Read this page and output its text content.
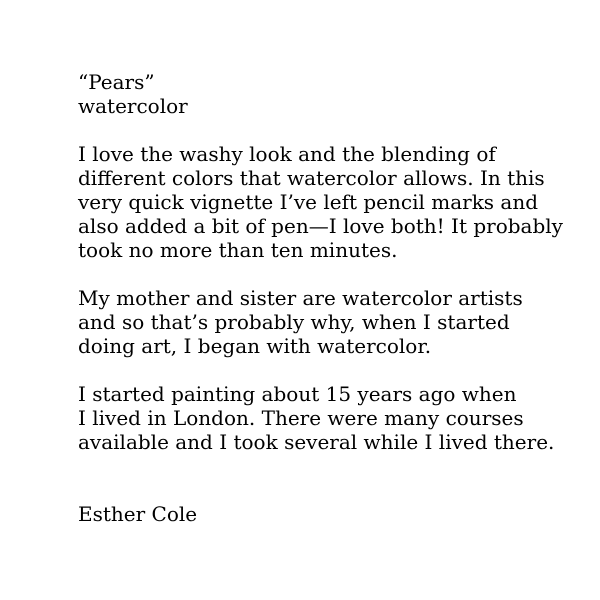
“Pears”
watercolor
I love the washy look and the blending of
different colors that watercolor allows. In this
very quick vignette I’ve left pencil marks and
also added a bit of pen—I love both! It probably
took no more than ten minutes.
My mother and sister are watercolor artists
and so that’s probably why, when I started
doing art, I began with watercolor.
I started painting about 15 years ago when
I lived in London. There were many courses
available and I took several while I lived there.
Esther Cole
